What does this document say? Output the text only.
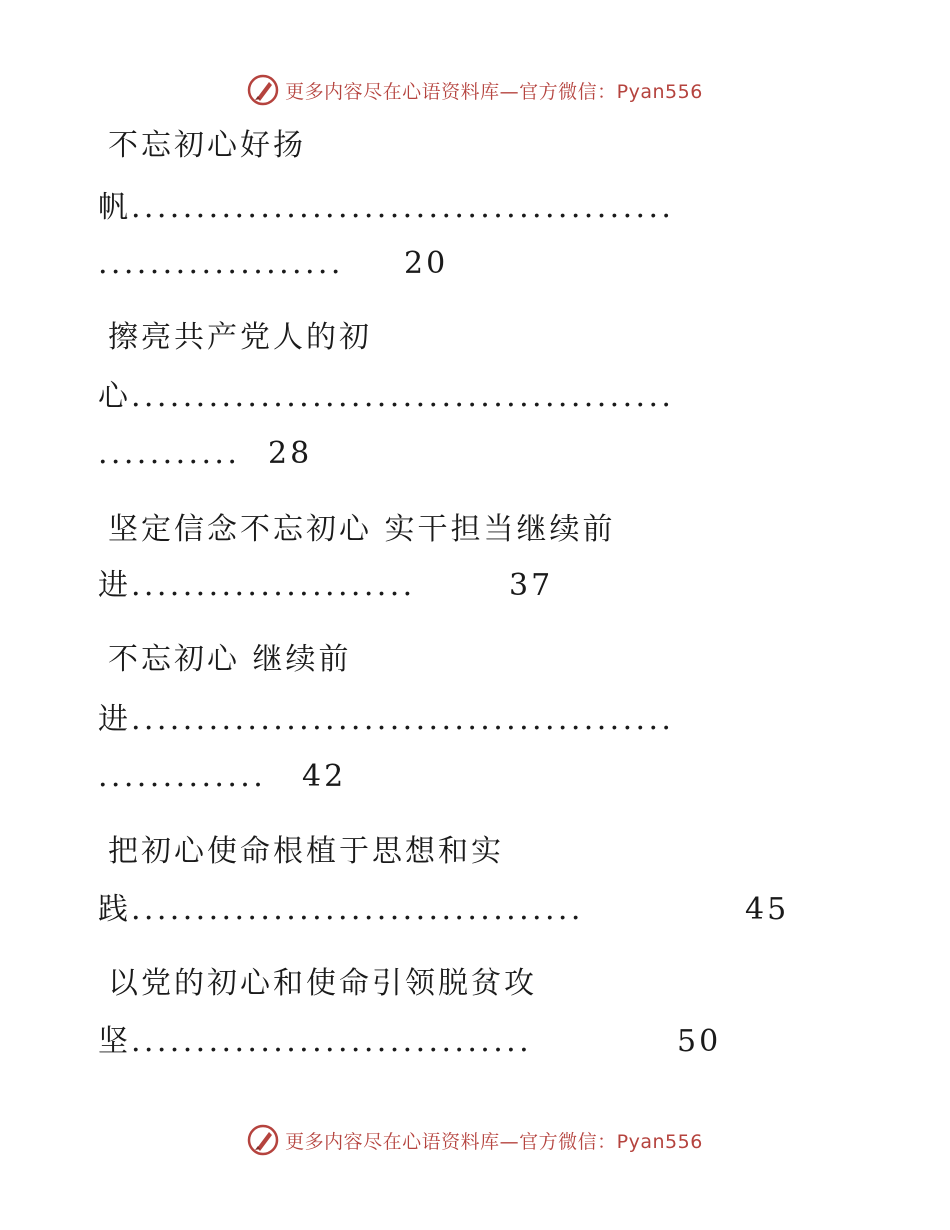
更多内容尽在心语资料库—官方微信：Pyan556
不忘初心好扬
帆..........................................
................... 20
擦亮共产党人的初
心..........................................
........... 28
坚定信念不忘初心 实干担当继续前
进......................	37
不忘初心 继续前
进..........................................
............. 42
把初心使命根植于思想和实
践...................................	45
以党的初心和使命引领脱贫攻
坚...............................	50
更多内容尽在心语资料库—官方微信：Pyan556
